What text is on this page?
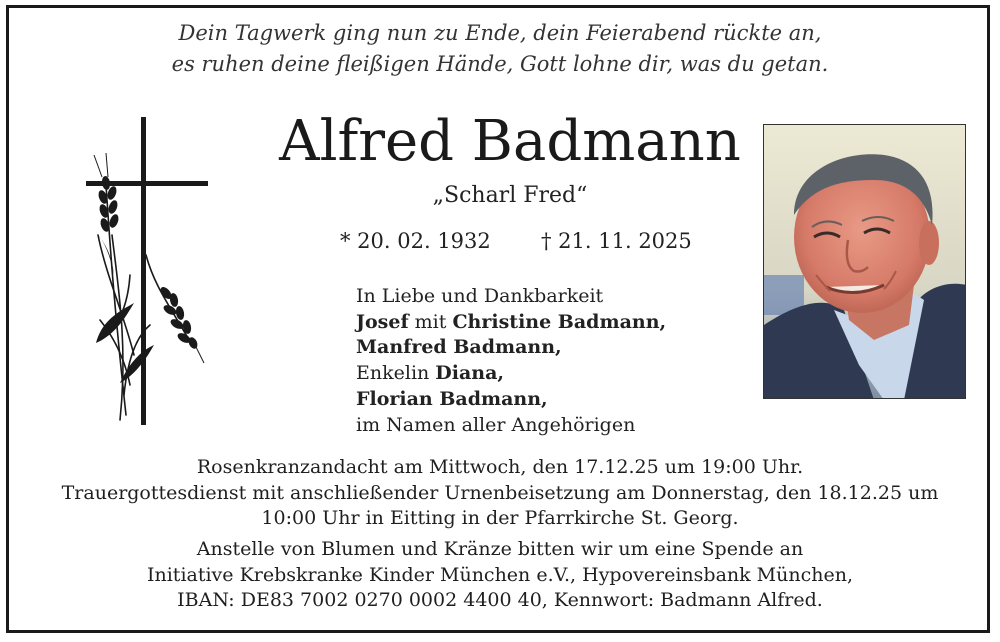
Dein Tagwerk ging nun zu Ende, dein Feierabend rückte an,
es ruhen deine fleißigen Hände, Gott lohne dir, was du getan.
Alfred Badmann
„Scharl Fred“
* 20. 02. 1932 † 21. 11. 2025
In Liebe und Dankbarkeit
Josef mit Christine Badmann,
Manfred Badmann,
Enkelin Diana,
Florian Badmann,
im Namen aller Angehörigen
Rosenkranzandacht am Mittwoch, den 17.12.25 um 19:00 Uhr.
Trauergottesdienst mit anschließender Urnenbeisetzung am Donnerstag, den 18.12.25 um
10:00 Uhr in Eitting in der Pfarrkirche St. Georg.
Anstelle von Blumen und Kränze bitten wir um eine Spende an
Initiative Krebskranke Kinder München e.V., Hypovereinsbank München,
IBAN: DE83 7002 0270 0002 4400 40, Kennwort: Badmann Alfred.
